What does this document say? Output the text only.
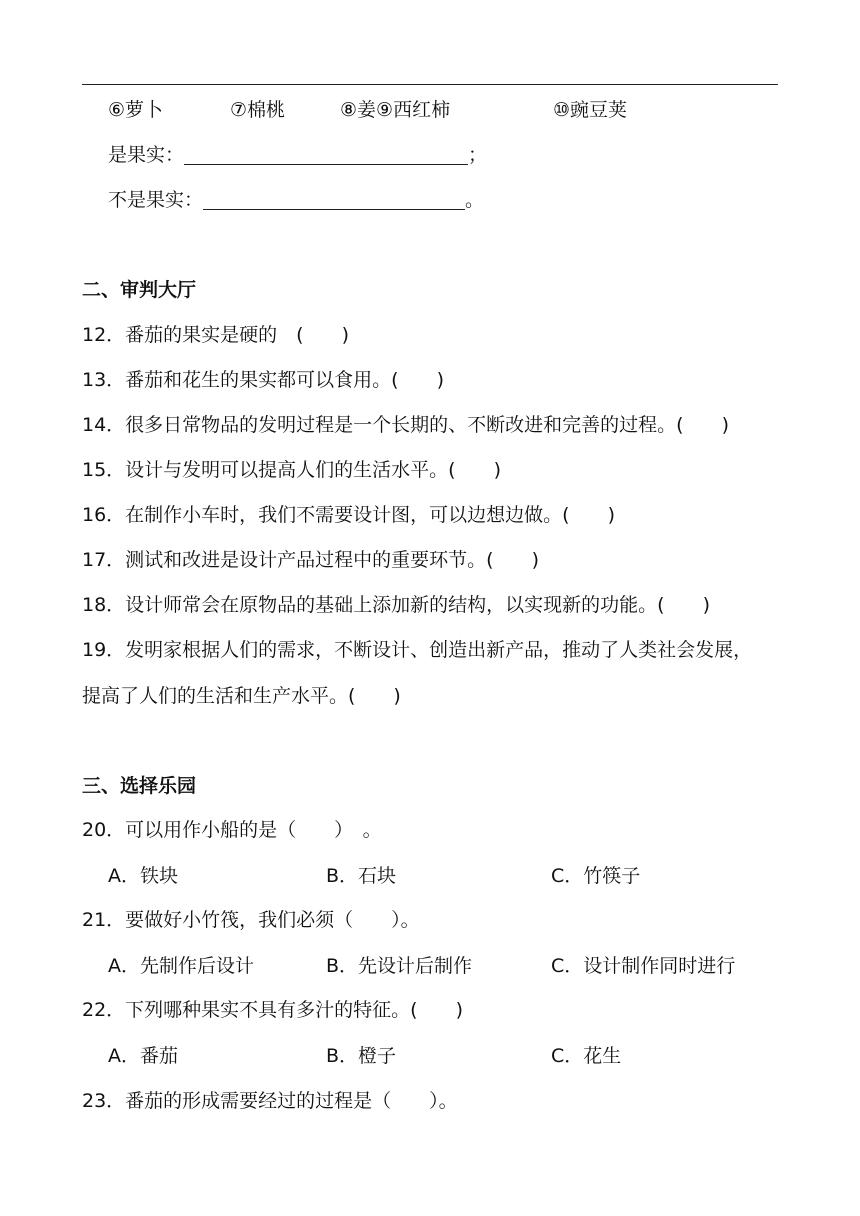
⑥萝卜	⑦棉桃	⑧姜⑨西红柿	⑩豌豆荚
是果实：	；
不是果实：	。
二、审判大厅
12．番茄的果实是硬的　(　　)
13．番茄和花生的果实都可以食用。(　　)
14．很多日常物品的发明过程是一个长期的、不断改进和完善的过程。(　　)
15．设计与发明可以提高人们的生活水平。(　　)
16．在制作小车时，我们不需要设计图，可以边想边做。(　　)
17．测试和改进是设计产品过程中的重要环节。(　　)
18．设计师常会在原物品的基础上添加新的结构，以实现新的功能。(　　)
19．发明家根据人们的需求，不断设计、创造出新产品，推动了人类社会发展，
提高了人们的生活和生产水平。(　　)
三、选择乐园
20．可以用作小船的是（　　）　。
A．铁块	B．石块	C．竹筷子
21．要做好小竹筏，我们必须（　　）。
A．先制作后设计	B．先设计后制作	C．设计制作同时进行
22．下列哪种果实不具有多汁的特征。(　　)
A．番茄	B．橙子	C．花生
23．番茄的形成需要经过的过程是（　　）。
